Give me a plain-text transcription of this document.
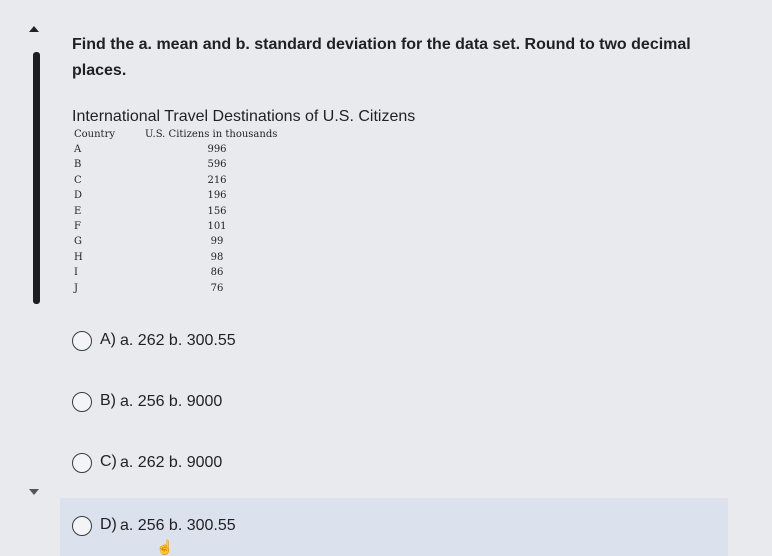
Find the a. mean and b. standard deviation for the data set. Round to two decimal places.
International Travel Destinations of U.S. Citizens
Country	U.S. Citizens in thousands
A	996
B	596
C	216
D	196
E	156
F	101
G	99
H	98
I	86
J	76
A) a. 262 b. 300.55
B) a. 256 b. 9000
C) a. 262 b. 9000
D) a. 256 b. 300.55
☝
